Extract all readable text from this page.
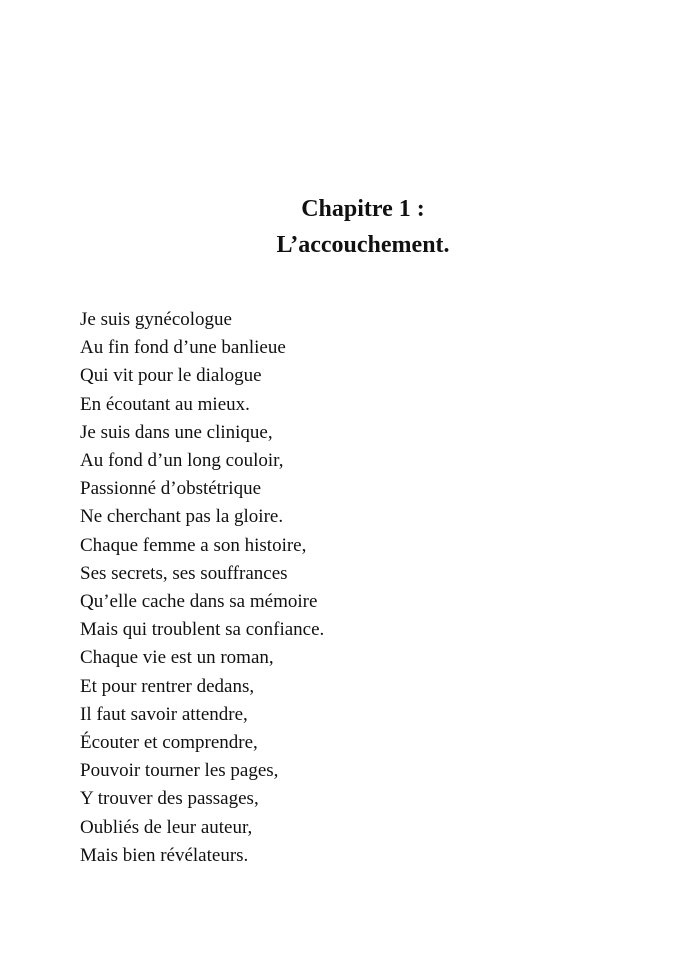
Chapitre 1 :
L’accouchement.
Je suis gynécologue
Au fin fond d’une banlieue
Qui vit pour le dialogue
En écoutant au mieux.
Je suis dans une clinique,
Au fond d’un long couloir,
Passionné d’obstétrique
Ne cherchant pas la gloire.
Chaque femme a son histoire,
Ses secrets, ses souffrances
Qu’elle cache dans sa mémoire
Mais qui troublent sa confiance.
Chaque vie est un roman,
Et pour rentrer dedans,
Il faut savoir attendre,
Écouter et comprendre,
Pouvoir tourner les pages,
Y trouver des passages,
Oubliés de leur auteur,
Mais bien révélateurs.
